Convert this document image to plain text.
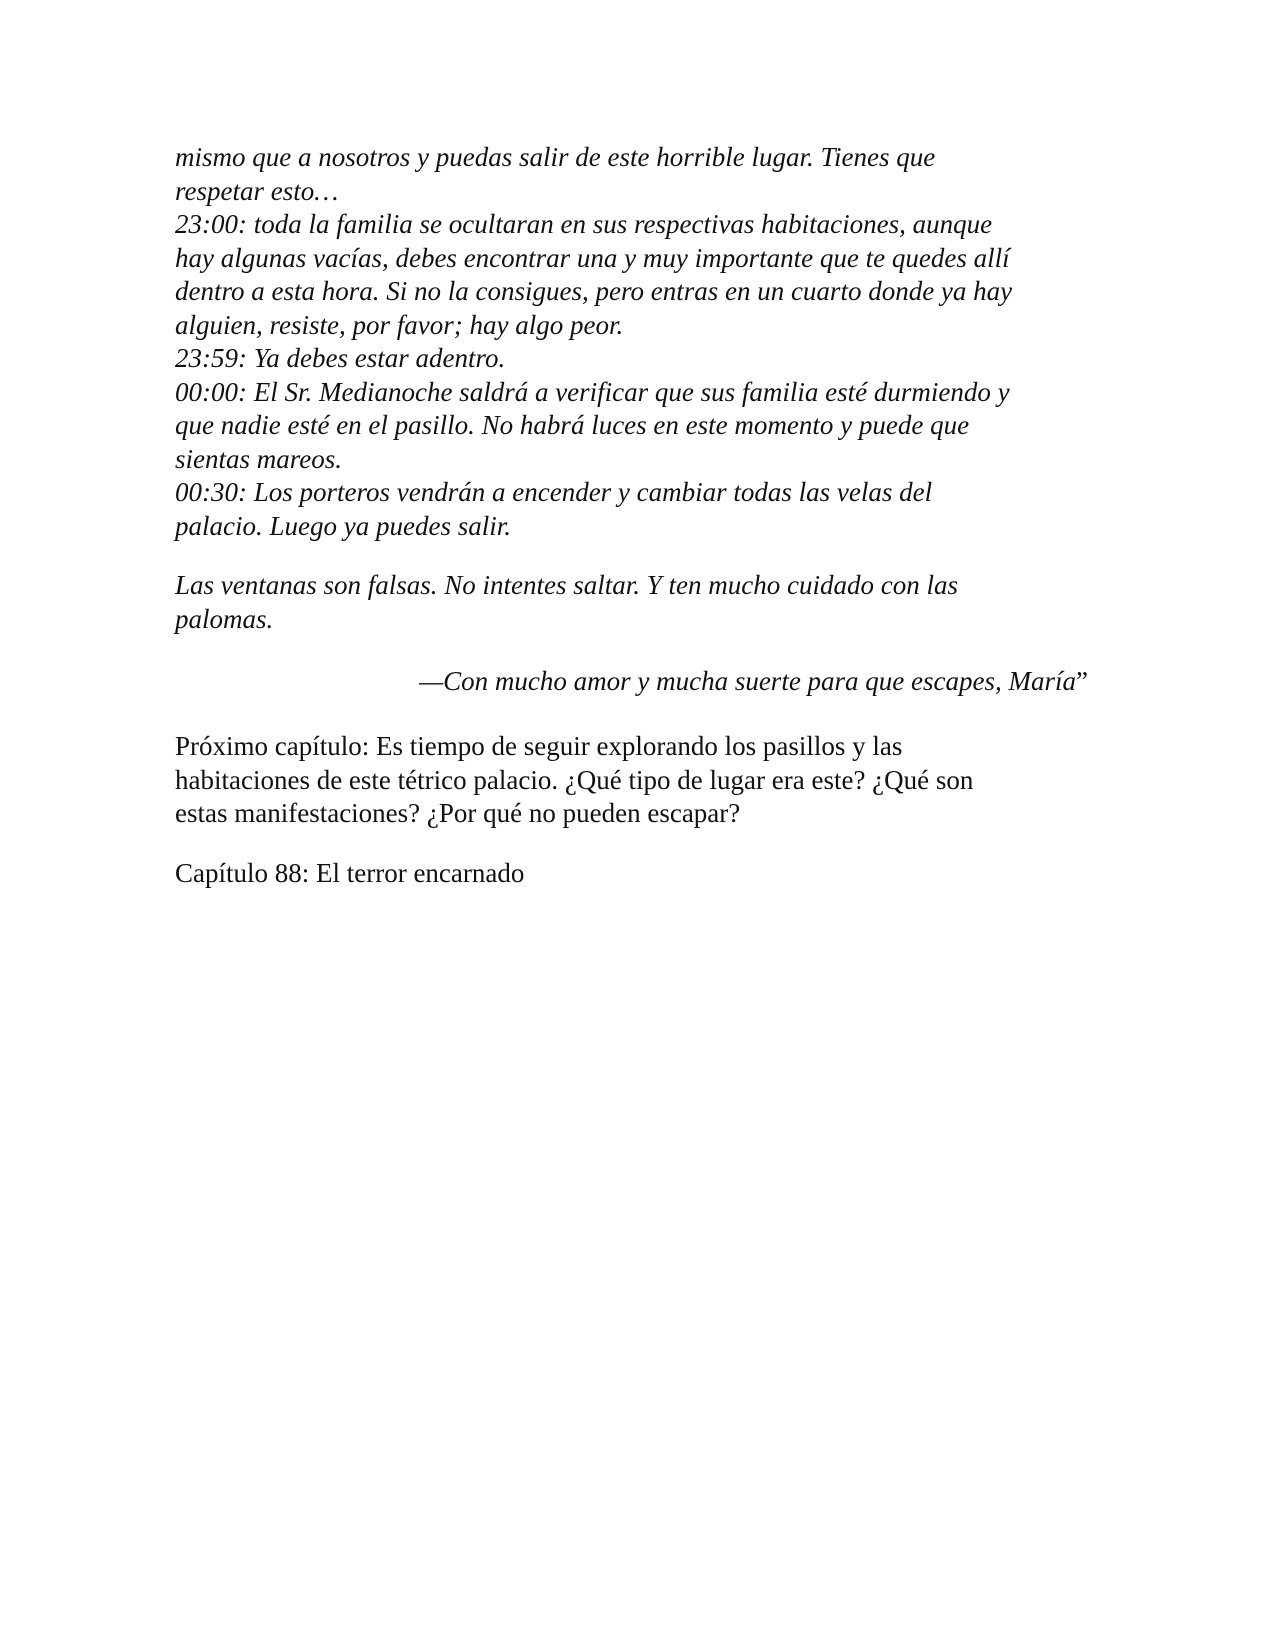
mismo que a nosotros y puedas salir de este horrible lugar. Tienes que
respetar esto…
23:00: toda la familia se ocultaran en sus respectivas habitaciones, aunque
hay algunas vacías, debes encontrar una y muy importante que te quedes allí
dentro a esta hora. Si no la consigues, pero entras en un cuarto donde ya hay
alguien, resiste, por favor; hay algo peor.
23:59: Ya debes estar adentro.
00:00: El Sr. Medianoche saldrá a verificar que sus familia esté durmiendo y
que nadie esté en el pasillo. No habrá luces en este momento y puede que
sientas mareos.
00:30: Los porteros vendrán a encender y cambiar todas las velas del
palacio. Luego ya puedes salir.
Las ventanas son falsas. No intentes saltar. Y ten mucho cuidado con las
palomas.
—Con mucho amor y mucha suerte para que escapes, María”
Próximo capítulo: Es tiempo de seguir explorando los pasillos y las
habitaciones de este tétrico palacio. ¿Qué tipo de lugar era este? ¿Qué son
estas manifestaciones? ¿Por qué no pueden escapar?
Capítulo 88: El terror encarnado
